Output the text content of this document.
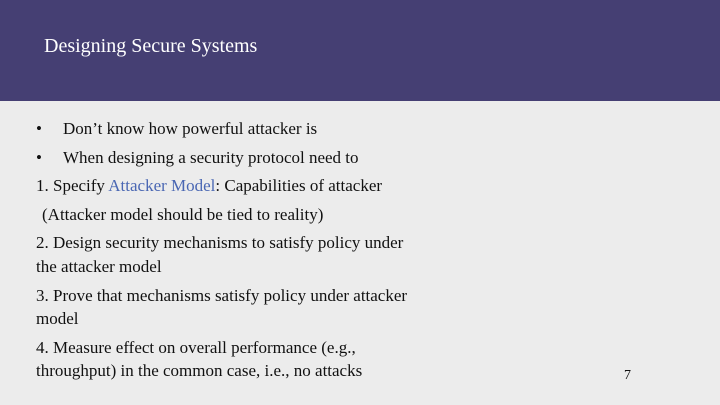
Designing Secure Systems
• Don’t know how powerful attacker is
• When designing a security protocol need to
1. Specify Attacker Model: Capabilities of attacker
(Attacker model should be tied to reality)
2. Design security mechanisms to satisfy policy under
the attacker model
3. Prove that mechanisms satisfy policy under attacker
model
4. Measure effect on overall performance (e.g.,
throughput) in the common case, i.e., no attacks	7
